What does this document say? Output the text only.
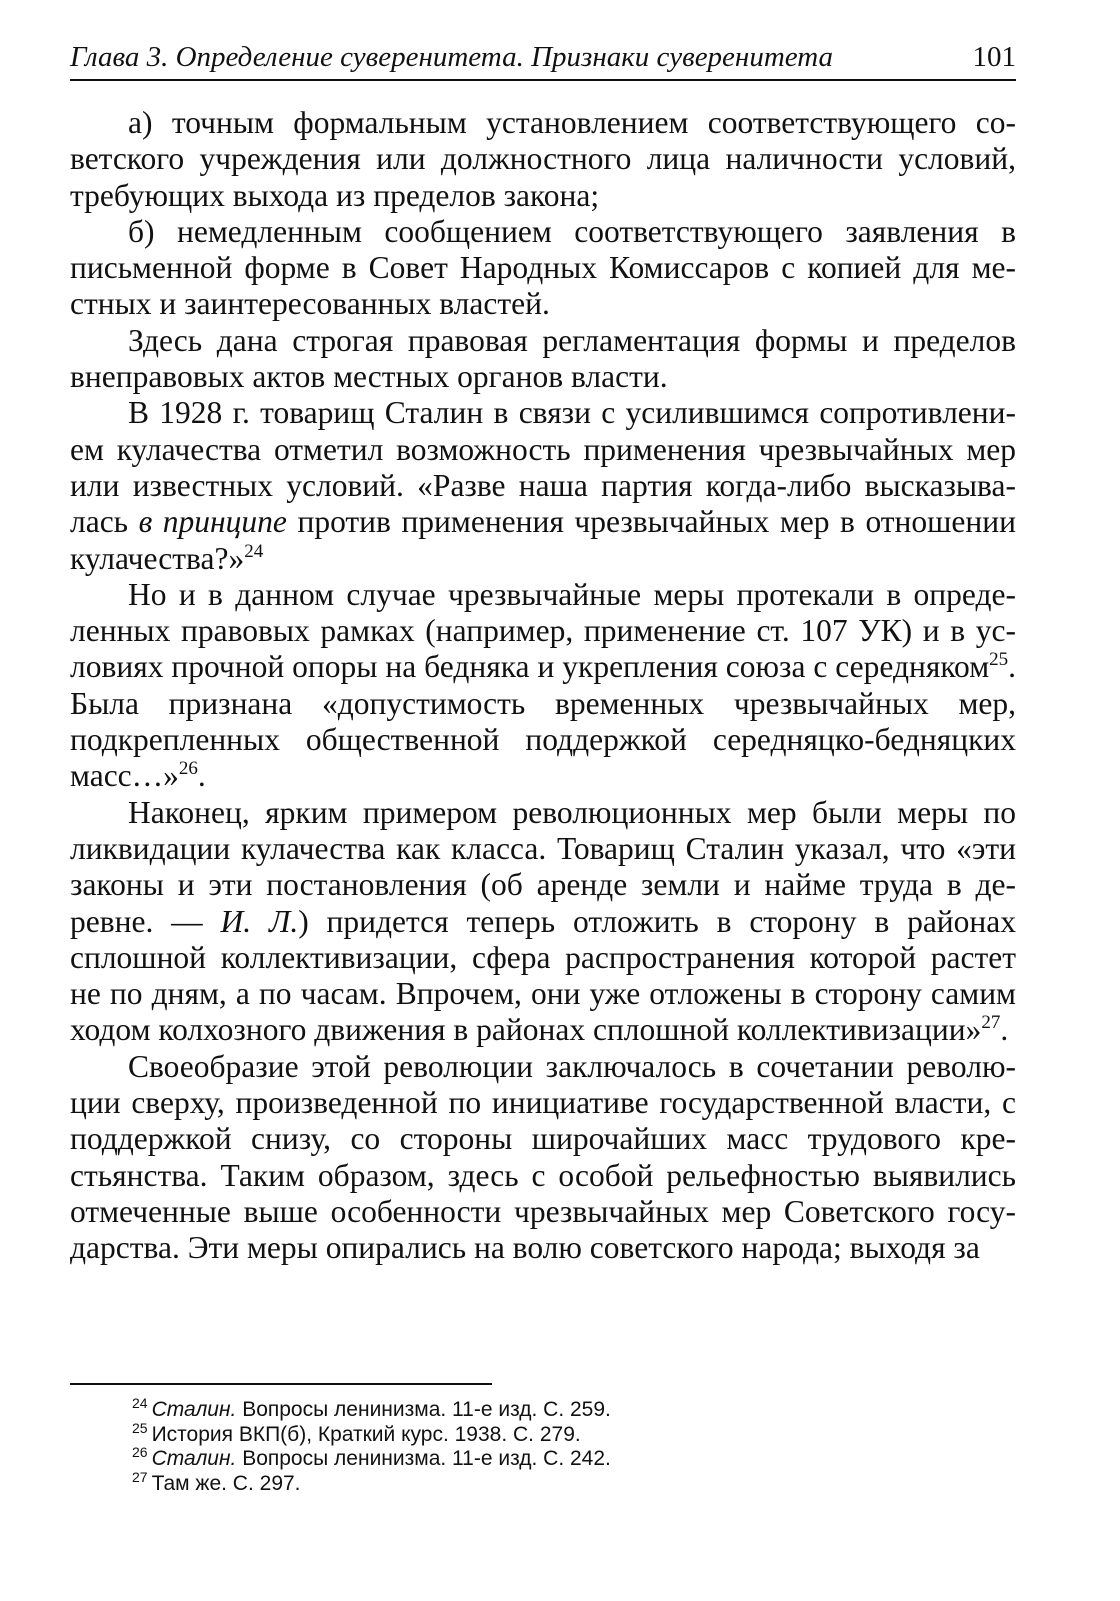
Глава 3. Определение суверенитета. Признаки суверенитета	101

а) точным формальным установлением соответствующего советского учреждения или должностного лица наличности условий, требующих выхода из пределов закона;

б) немедленным сообщением соответствующего заявления в письменной форме в Совет Народных Комиссаров с копией для местных и заинтересованных властей.

Здесь дана строгая правовая регламентация формы и пределов внеправовых актов местных органов власти.

В 1928 г. товарищ Сталин в связи с усилившимся сопротивлением кулачества отметил возможность применения чрезвычайных мер или известных условий. «Разве наша партия когда-либо высказывалась в принципе против применения чрезвычайных мер в отношении кулачества?»$^{24}$

Но и в данном случае чрезвычайные меры протекали в определенных правовых рамках (например, применение ст. 107 УК) и в условиях прочной опоры на бедняка и укрепления союза с середняком$^{25}$. Была признана «допустимость временных чрезвычайных мер, подкрепленных общественной поддержкой середняцко-бедняцких масс…»$^{26}$.

Наконец, ярким примером революционных мер были меры по ликвидации кулачества как класса. Товарищ Сталин указал, что «эти законы и эти постановления (об аренде земли и найме труда в деревне. — И. Л.) придется теперь отложить в сторону в районах сплошной коллективизации, сфера распространения которой растет не по дням, а по часам. Впрочем, они уже отложены в сторону самим ходом колхозного движения в районах сплошной коллективизации»$^{27}$.

Своеобразие этой революции заключалось в сочетании революции сверху, произведенной по инициативе государственной власти, с поддержкой снизу, со стороны широчайших масс трудового крестьянства. Таким образом, здесь с особой рельефностью выявились отмеченные выше особенности чрезвычайных мер Советского государства. Эти меры опирались на волю советского народа; выходя за

$^{24}$ Сталин. Вопросы ленинизма. 11-е изд. С. 259.
$^{25}$ История ВКП(б), Краткий курс. 1938. С. 279.
$^{26}$ Сталин. Вопросы ленинизма. 11-е изд. С. 242.
$^{27}$ Там же. С. 297.
